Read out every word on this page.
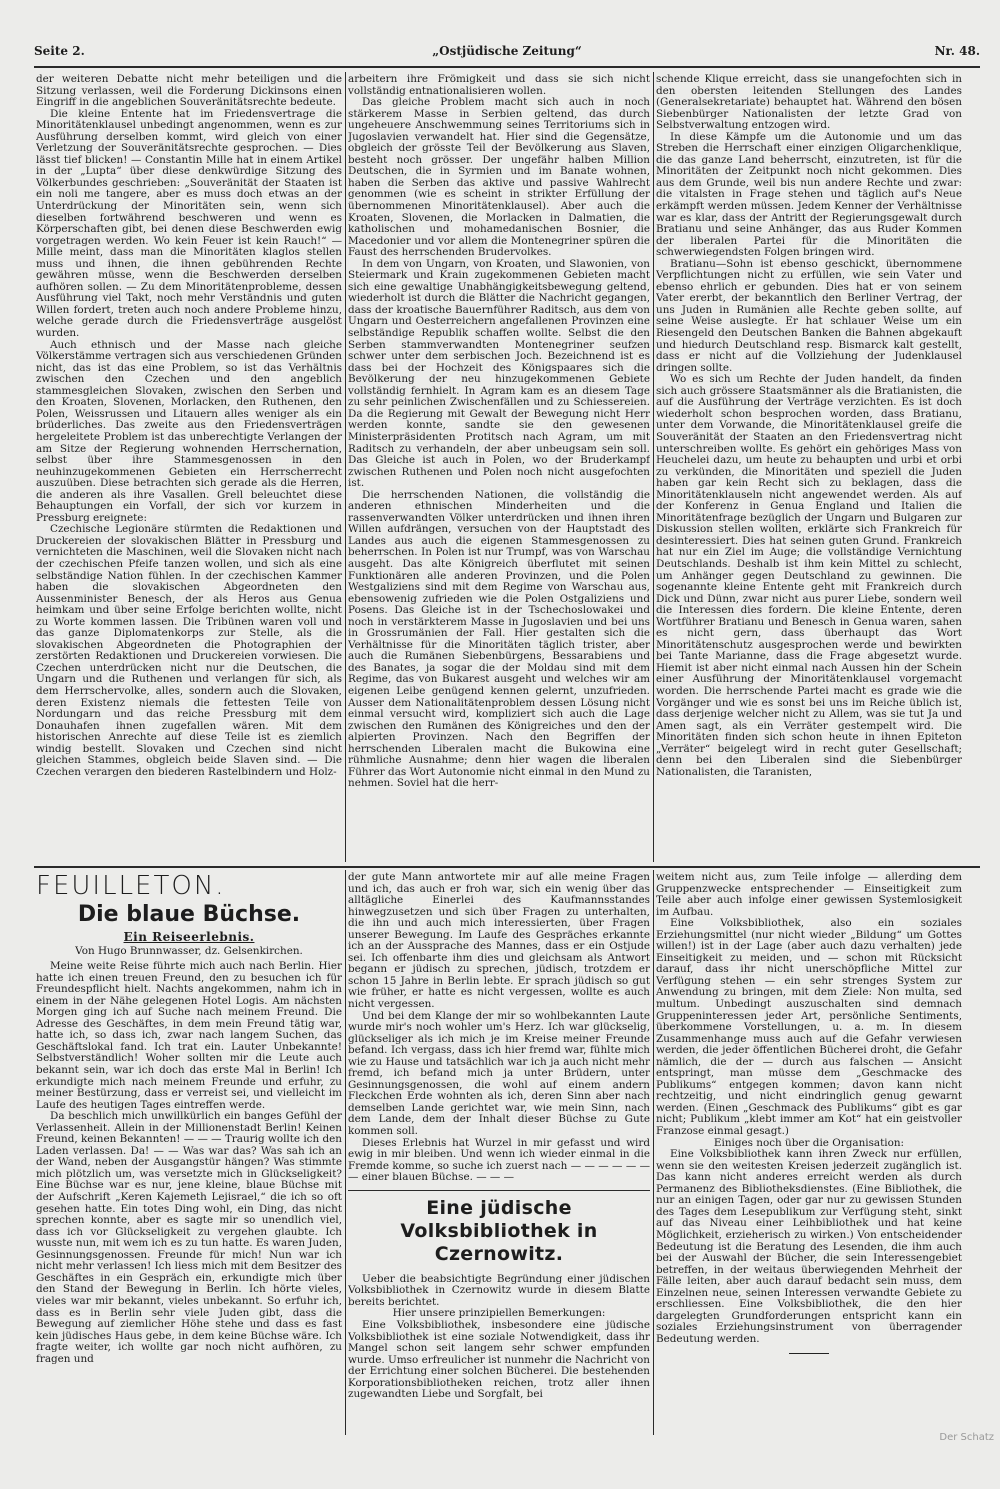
Seite 2.	„Ostjüdische Zeitung“	Nr. 48.

der weiteren Debatte nicht mehr beteiligen und die Sitzung verlassen, weil die Forderung Dickinsons einen Eingriff in die angeblichen Souveränitätsrechte bedeute.

Die kleine Entente hat im Friedensvertrage die Minoritätenklausel unbedingt angenommen, wenn es zur Ausführung derselben kommt, wird gleich von einer Verletzung der Souveränitätsrechte gesprochen. — Dies lässt tief blicken! — Constantin Mille hat in einem Artikel in der „Lupta“ über diese denkwürdige Sitzung des Völkerbundes geschrieben: „Souveränität der Staaten ist ein noli me tangere, aber es muss doch etwas an der Unterdrückung der Minoritäten sein, wenn sich dieselben fortwährend beschweren und wenn es Körperschaften gibt, bei denen diese Beschwerden ewig vorgetragen werden. Wo kein Feuer ist kein Rauch!“ — Mille meint, dass man die Minoritäten klaglos stellen muss und ihnen, die ihnen gebührenden Rechte gewähren müsse, wenn die Beschwerden derselben aufhören sollen. — Zu dem Minoritätenprobleme, dessen Ausführung viel Takt, noch mehr Verständnis und guten Willen fordert, treten auch noch andere Probleme hinzu, welche gerade durch die Friedensverträge ausgelöst wurden.

Auch ethnisch und der Masse nach gleiche Völkerstämme vertragen sich aus verschiedenen Gründen nicht, das ist das eine Problem, so ist das Verhältnis zwischen den Czechen und den angeblich stammesgleichen Slovaken, zwischen den Serben und den Kroaten, Slovenen, Morlacken, den Ruthenen, den Polen, Weissrussen und Litauern alles weniger als ein brüderliches. Das zweite aus den Friedensverträgen hergeleitete Problem ist das unberechtigte Verlangen der am Sitze der Regierung wohnenden Herrschernation, selbst über ihre Stammesgenossen in den neuhinzugekommenen Gebieten ein Herrscherrecht auszuüben. Diese betrachten sich gerade als die Herren, die anderen als ihre Vasallen. Grell beleuchtet diese Behauptungen ein Vorfall, der sich vor kurzem in Pressburg ereignete:

Czechische Legionäre stürmten die Redaktionen und Druckereien der slovakischen Blätter in Pressburg und vernichteten die Maschinen, weil die Slovaken nicht nach der czechischen Pfeife tanzen wollen, und sich als eine selbständige Nation fühlen. In der czechischen Kammer haben die slovakischen Abgeordneten den Aussenminister Benesch, der als Heros aus Genua heimkam und über seine Erfolge berichten wollte, nicht zu Worte kommen lassen. Die Tribünen waren voll und das ganze Diplomatenkorps zur Stelle, als die slovakischen Abgeordneten die Photographien der zerstörten Redaktionen und Druckereien vorwiesen. Die Czechen unterdrücken nicht nur die Deutschen, die Ungarn und die Ruthenen und verlangen für sich, als dem Herrschervolke, alles, sondern auch die Slovaken, deren Existenz niemals die fettesten Teile von Nordungarn und das reiche Pressburg mit dem Donauhafen ihnen zugefallen wären. Mit dem historischen Anrechte auf diese Teile ist es ziemlich windig bestellt. Slovaken und Czechen sind nicht gleichen Stammes, obgleich beide Slaven sind. — Die Czechen verargen den biederen Rastelbindern und Holz-

arbeitern ihre Frömigkeit und dass sie sich nicht vollständig entnationalisieren wollen.

Das gleiche Problem macht sich auch in noch stärkerem Masse in Serbien geltend, das durch ungeheuere Anschwemmung seines Territoriums sich in Jugoslavien verwandelt hat. Hier sind die Gegensätze, obgleich der grösste Teil der Bevölkerung aus Slaven, besteht noch grösser. Der ungefähr halben Million Deutschen, die in Syrmien und im Banate wohnen, haben die Serben das aktive und passive Wahlrecht genommen (wie es scheint in strikter Erfüllung der übernommenen Minoritätenklausel). Aber auch die Kroaten, Slovenen, die Morlacken in Dalmatien, die katholischen und mohamedanischen Bosnier, die Macedonier und vor allem die Montenegriner spüren die Faust des herrschenden Brudervolkes.

In dem von Ungarn, von Kroaten, und Slawonien, von Steiermark und Krain zugekommenen Gebieten macht sich eine gewaltige Unabhängigkeitsbewegung geltend, wiederholt ist durch die Blätter die Nachricht gegangen, dass der kroatische Bauernführer Raditsch, aus dem von Ungarn und Oesterreichern angefallenen Provinzen eine selbständige Republik schaffen wollte. Selbst die den Serben stammverwandten Montenegriner seufzen schwer unter dem serbischen Joch. Bezeichnend ist es dass bei der Hochzeit des Königspaares sich die Bevölkerung der neu hinzugekommenen Gebiete vollständig fernhielt. In Agram kam es an diesem Tage zu sehr peinlichen Zwischenfällen und zu Schiessereien. Da die Regierung mit Gewalt der Bewegung nicht Herr werden konnte, sandte sie den gewesenen Ministerpräsidenten Protitsch nach Agram, um mit Raditsch zu verhandeln, der aber unbeugsam sein soll. Das Gleiche ist auch in Polen, wo der Bruderkampf zwischen Ruthenen und Polen noch nicht ausgefochten ist.

Die herrschenden Nationen, die vollständig die anderen ethnischen Minderheiten und die rassenverwandten Völker unterdrücken und ihnen ihren Willen aufdrängen, versuchen von der Hauptstadt des Landes aus auch die eigenen Stammesgenossen zu beherrschen. In Polen ist nur Trumpf, was von Warschau ausgeht. Das alte Königreich überflutet mit seinen Funktionären alle anderen Provinzen, und die Polen Westgaliziens sind mit dem Regime von Warschau aus, ebensowenig zufrieden wie die Polen Ostgaliziens und Posens. Das Gleiche ist in der Tschechoslowakei und noch in verstärkterem Masse in Jugoslavien und bei uns in Grossrumänien der Fall. Hier gestalten sich die Verhältnisse für die Minoritäten täglich trister, aber auch die Rumänen Siebenbürgens, Bessarabiens und des Banates, ja sogar die der Moldau sind mit dem Regime, das von Bukarest ausgeht und welches wir am eigenen Leibe genügend kennen gelernt, unzufrieden. Ausser dem Nationalitätenproblem dessen Lösung nicht einmal versucht wird, kompliziert sich auch die Lage zwischen den Rumänen des Königreiches und den der alpierten Provinzen. Nach den Begriffen der herrschenden Liberalen macht die Bukowina eine rühmliche Ausnahme; denn hier wagen die liberalen Führer das Wort Autonomie nicht einmal in den Mund zu nehmen. Soviel hat die herr-

schende Klique erreicht, dass sie unangefochten sich in den obersten leitenden Stellungen des Landes (Generalsekretariate) behauptet hat. Während den bösen Siebenbürger Nationalisten der letzte Grad von Selbstverwaltung entzogen wird.

In diese Kämpfe um die Autonomie und um das Streben die Herrschaft einer einzigen Oligarchenklique, die das ganze Land beherrscht, einzutreten, ist für die Minoritäten der Zeitpunkt noch nicht gekommen. Dies aus dem Grunde, weil bis nun andere Rechte und zwar: die vitalsten in Frage stehen und täglich auf's Neue erkämpft werden müssen. Jedem Kenner der Verhältnisse war es klar, dass der Antritt der Regierungsgewalt durch Bratianu und seine Anhänger, das aus Ruder Kommen der liberalen Partei für die Minoritäten die schwerwiegendsten Folgen bringen wird.

Bratianu—Sohn ist ebenso geschickt, übernommene Verpflichtungen nicht zu erfüllen, wie sein Vater und ebenso ehrlich er gebunden. Dies hat er von seinem Vater ererbt, der bekanntlich den Berliner Vertrag, der uns Juden in Rumänien alle Rechte geben sollte, auf seine Weise auslegte. Er hat schlauer Weise um ein Riesengeld den Deutschen Banken die Bahnen abgekauft und hiedurch Deutschland resp. Bismarck kalt gestellt, dass er nicht auf die Vollziehung der Judenklausel dringen sollte.

Wo es sich um Rechte der Juden handelt, da finden sich auch grössere Staatsmänner als die Bratianisten, die auf die Ausführung der Verträge verzichten. Es ist doch wiederholt schon besprochen worden, dass Bratianu, unter dem Vorwande, die Minoritätenklausel greife die Souveränität der Staaten an den Friedensvertrag nicht unterschreiben wollte. Es gehört ein gehöriges Mass von Heuchelei dazu, um heute zu behaupten und urbi et orbi zu verkünden, die Minoritäten und speziell die Juden haben gar kein Recht sich zu beklagen, dass die Minoritätenklauseln nicht angewendet werden. Als auf der Konferenz in Genua England und Italien die Minoritätenfrage bezüglich der Ungarn und Bulgaren zur Diskussion stellen wollten, erklärte sich Frankreich für desinteressiert. Dies hat seinen guten Grund. Frankreich hat nur ein Ziel im Auge; die vollständige Vernichtung Deutschlands. Deshalb ist ihm kein Mittel zu schlecht, um Anhänger gegen Deutschland zu gewinnen. Die sogenannte kleine Entente geht mit Frankreich durch Dick und Dünn, zwar nicht aus purer Liebe, sondern weil die Interessen dies fordern. Die kleine Entente, deren Wortführer Bratianu und Benesch in Genua waren, sahen es nicht gern, dass überhaupt das Wort Minoritätenschutz ausgesprochen werde und bewirkten bei Tante Marianne, dass die Frage abgesetzt wurde. Hiemit ist aber nicht einmal nach Aussen hin der Schein einer Ausführung der Minoritätenklausel vorgemacht worden. Die herrschende Partei macht es grade wie die Vorgänger und wie es sonst bei uns im Reiche üblich ist, dass derjenige welcher nicht zu Allem, was sie tut Ja und Amen sagt, als ein Verräter gestempelt wird. Die Minoritäten finden sich schon heute in ihnen Epiteton „Verräter“ beigelegt wird in recht guter Gesellschaft; denn bei den Liberalen sind die Siebenbürger Nationalisten, die Taranisten,

FEUILLETON.
Die blaue Büchse.
Ein Reiseerlebnis.
Von Hugo Brunnwasser, dz. Gelsenkirchen.

Meine weite Reise führte mich auch nach Berlin. Hier hatte ich einen treuen Freund, den zu besuchen ich für Freundespflicht hielt. Nachts angekommen, nahm ich in einem in der Nähe gelegenen Hotel Logis. Am nächsten Morgen ging ich auf Suche nach meinem Freund. Die Adresse des Geschäftes, in dem mein Freund tätig war, hatte ich, so dass ich, zwar nach langem Suchen, das Geschäftslokal fand. Ich trat ein. Lauter Unbekannte! Selbstverständlich! Woher sollten mir die Leute auch bekannt sein, war ich doch das erste Mal in Berlin! Ich erkundigte mich nach meinem Freunde und erfuhr, zu meiner Bestürzung, dass er verreist sei, und vielleicht im Laufe des heutigen Tages eintreffen werde.

Da beschlich mich unwillkürlich ein banges Gefühl der Verlassenheit. Allein in der Millionenstadt Berlin! Keinen Freund, keinen Bekannten! — — — Traurig wollte ich den Laden verlassen. Da! — — Was war das? Was sah ich an der Wand, neben der Ausgangstür hängen? Was stimmte mich plötzlich um, was versetzte mich in Glückseligkeit? Eine Büchse war es nur, jene kleine, blaue Büchse mit der Aufschrift „Keren Kajemeth Lejisrael,“ die ich so oft gesehen hatte. Ein totes Ding wohl, ein Ding, das nicht sprechen konnte, aber es sagte mir so unendlich viel, dass ich vor Glückseligkeit zu vergehen glaubte. Ich wusste nun, mit wem ich es zu tun hatte. Es waren Juden, Gesinnungsgenossen. Freunde für mich! Nun war ich nicht mehr verlassen! Ich liess mich mit dem Besitzer des Geschäftes in ein Gespräch ein, erkundigte mich über den Stand der Bewegung in Berlin. Ich hörte vieles, vieles war mir bekannt, vieles unbekannt. So erfuhr ich, dass es in Berlin sehr viele Juden gibt, dass die Bewegung auf ziemlicher Höhe stehe und dass es fast kein jüdisches Haus gebe, in dem keine Büchse wäre. Ich fragte weiter, ich wollte gar noch nicht aufhören, zu fragen und

der gute Mann antwortete mir auf alle meine Fragen und ich, das auch er froh war, sich ein wenig über das alltägliche Einerlei des Kaufmannsstandes hinwegzusetzen und sich über Fragen zu unterhalten, die ihn und auch mich interessierten, über Fragen unserer Bewegung. Im Laufe des Gespräches erkannte ich an der Aussprache des Mannes, dass er ein Ostjude sei. Ich offenbarte ihm dies und gleichsam als Antwort begann er jüdisch zu sprechen, jüdisch, trotzdem er schon 15 Jahre in Berlin lebte. Er sprach jüdisch so gut wie früher, er hatte es nicht vergessen, wollte es auch nicht vergessen.

Und bei dem Klange der mir so wohlbekannten Laute wurde mir's noch wohler um's Herz. Ich war glückselig, glückseliger als ich mich je im Kreise meiner Freunde befand. Ich vergass, dass ich hier fremd war, fühlte mich wie zu Hause und tatsächlich war ich ja auch nicht mehr fremd, ich befand mich ja unter Brüdern, unter Gesinnungsgenossen, die wohl auf einem andern Fleckchen Erde wohnten als ich, deren Sinn aber nach demselben Lande gerichtet war, wie mein Sinn, nach dem Lande, dem der Inhalt dieser Büchse zu Gute kommen soll.

Dieses Erlebnis hat Wurzel in mir gefasst und wird ewig in mir bleiben. Und wenn ich wieder einmal in die Fremde komme, so suche ich zuerst nach — — — — — — — einer blauen Büchse. — — —

Eine jüdische Volksbibliothek in Czernowitz.

Ueber die beabsichtigte Begründung einer jüdischen Volksbibliothek in Czernowitz wurde in diesem Blatte bereits berichtet.

Hier unsere prinzipiellen Bemerkungen:

Eine Volksbibliothek, insbesondere eine jüdische Volksbibliothek ist eine soziale Notwendigkeit, dass ihr Mangel schon seit langem sehr schwer empfunden wurde. Umso erfreulicher ist nunmehr die Nachricht von der Errichtung einer solchen Bücherei. Die bestehenden Korporationsbibliotheken reichen, trotz aller ihnen zugewandten Liebe und Sorgfalt, bei

weitem nicht aus, zum Teile infolge — allerding dem Gruppenzwecke entsprechender — Einseitigkeit zum Teile aber auch infolge einer gewissen Systemlosigkeit im Aufbau.

Eine Volksbibliothek, also ein soziales Erziehungsmittel (nur nicht wieder „Bildung“ um Gottes willen!) ist in der Lage (aber auch dazu verhalten) jede Einseitigkeit zu meiden, und — schon mit Rücksicht darauf, dass ihr nicht unerschöpfliche Mittel zur Verfügung stehen — ein sehr strenges System zur Anwendung zu bringen, mit dem Ziele: Non multa, sed multum. Unbedingt auszuschalten sind demnach Gruppeninteressen jeder Art, persönliche Sentiments, überkommene Vorstellungen, u. a. m. In diesem Zusammenhange muss auch auf die Gefahr verwiesen werden, die jeder öffentlichen Bücherei droht, die Gefahr nämlich, die der — durch aus falschen — Ansicht entspringt, man müsse dem „Geschmacke des Publikums“ entgegen kommen; davon kann nicht rechtzeitig, und nicht eindringlich genug gewarnt werden. (Einen „Geschmack des Publikums“ gibt es gar nicht; Publikum „klebt immer am Kot“ hat ein geistvoller Franzose einmal gesagt.)

Einiges noch über die Organisation:

Eine Volksbibliothek kann ihren Zweck nur erfüllen, wenn sie den weitesten Kreisen jederzeit zugänglich ist. Das kann nicht anderes erreicht werden als durch Permanenz des Bibliotheksdienstes. (Eine Bibliothek, die nur an einigen Tagen, oder gar nur zu gewissen Stunden des Tages dem Lesepublikum zur Verfügung steht, sinkt auf das Niveau einer Leihbibliothek und hat keine Möglichkeit, erzieherisch zu wirken.) Von entscheidender Bedeutung ist die Beratung des Lesenden, die ihm auch bei der Auswahl der Bücher, die sein Interessengebiet betreffen, in der weitaus überwiegenden Mehrheit der Fälle leiten, aber auch darauf bedacht sein muss, dem Einzelnen neue, seinen Interessen verwandte Gebiete zu erschliessen. Eine Volksbibliothek, die den hier dargelegten Grundforderungen entspricht kann ein soziales Erziehungsinstrument von überragender Bedeutung werden.

Der Schatz
